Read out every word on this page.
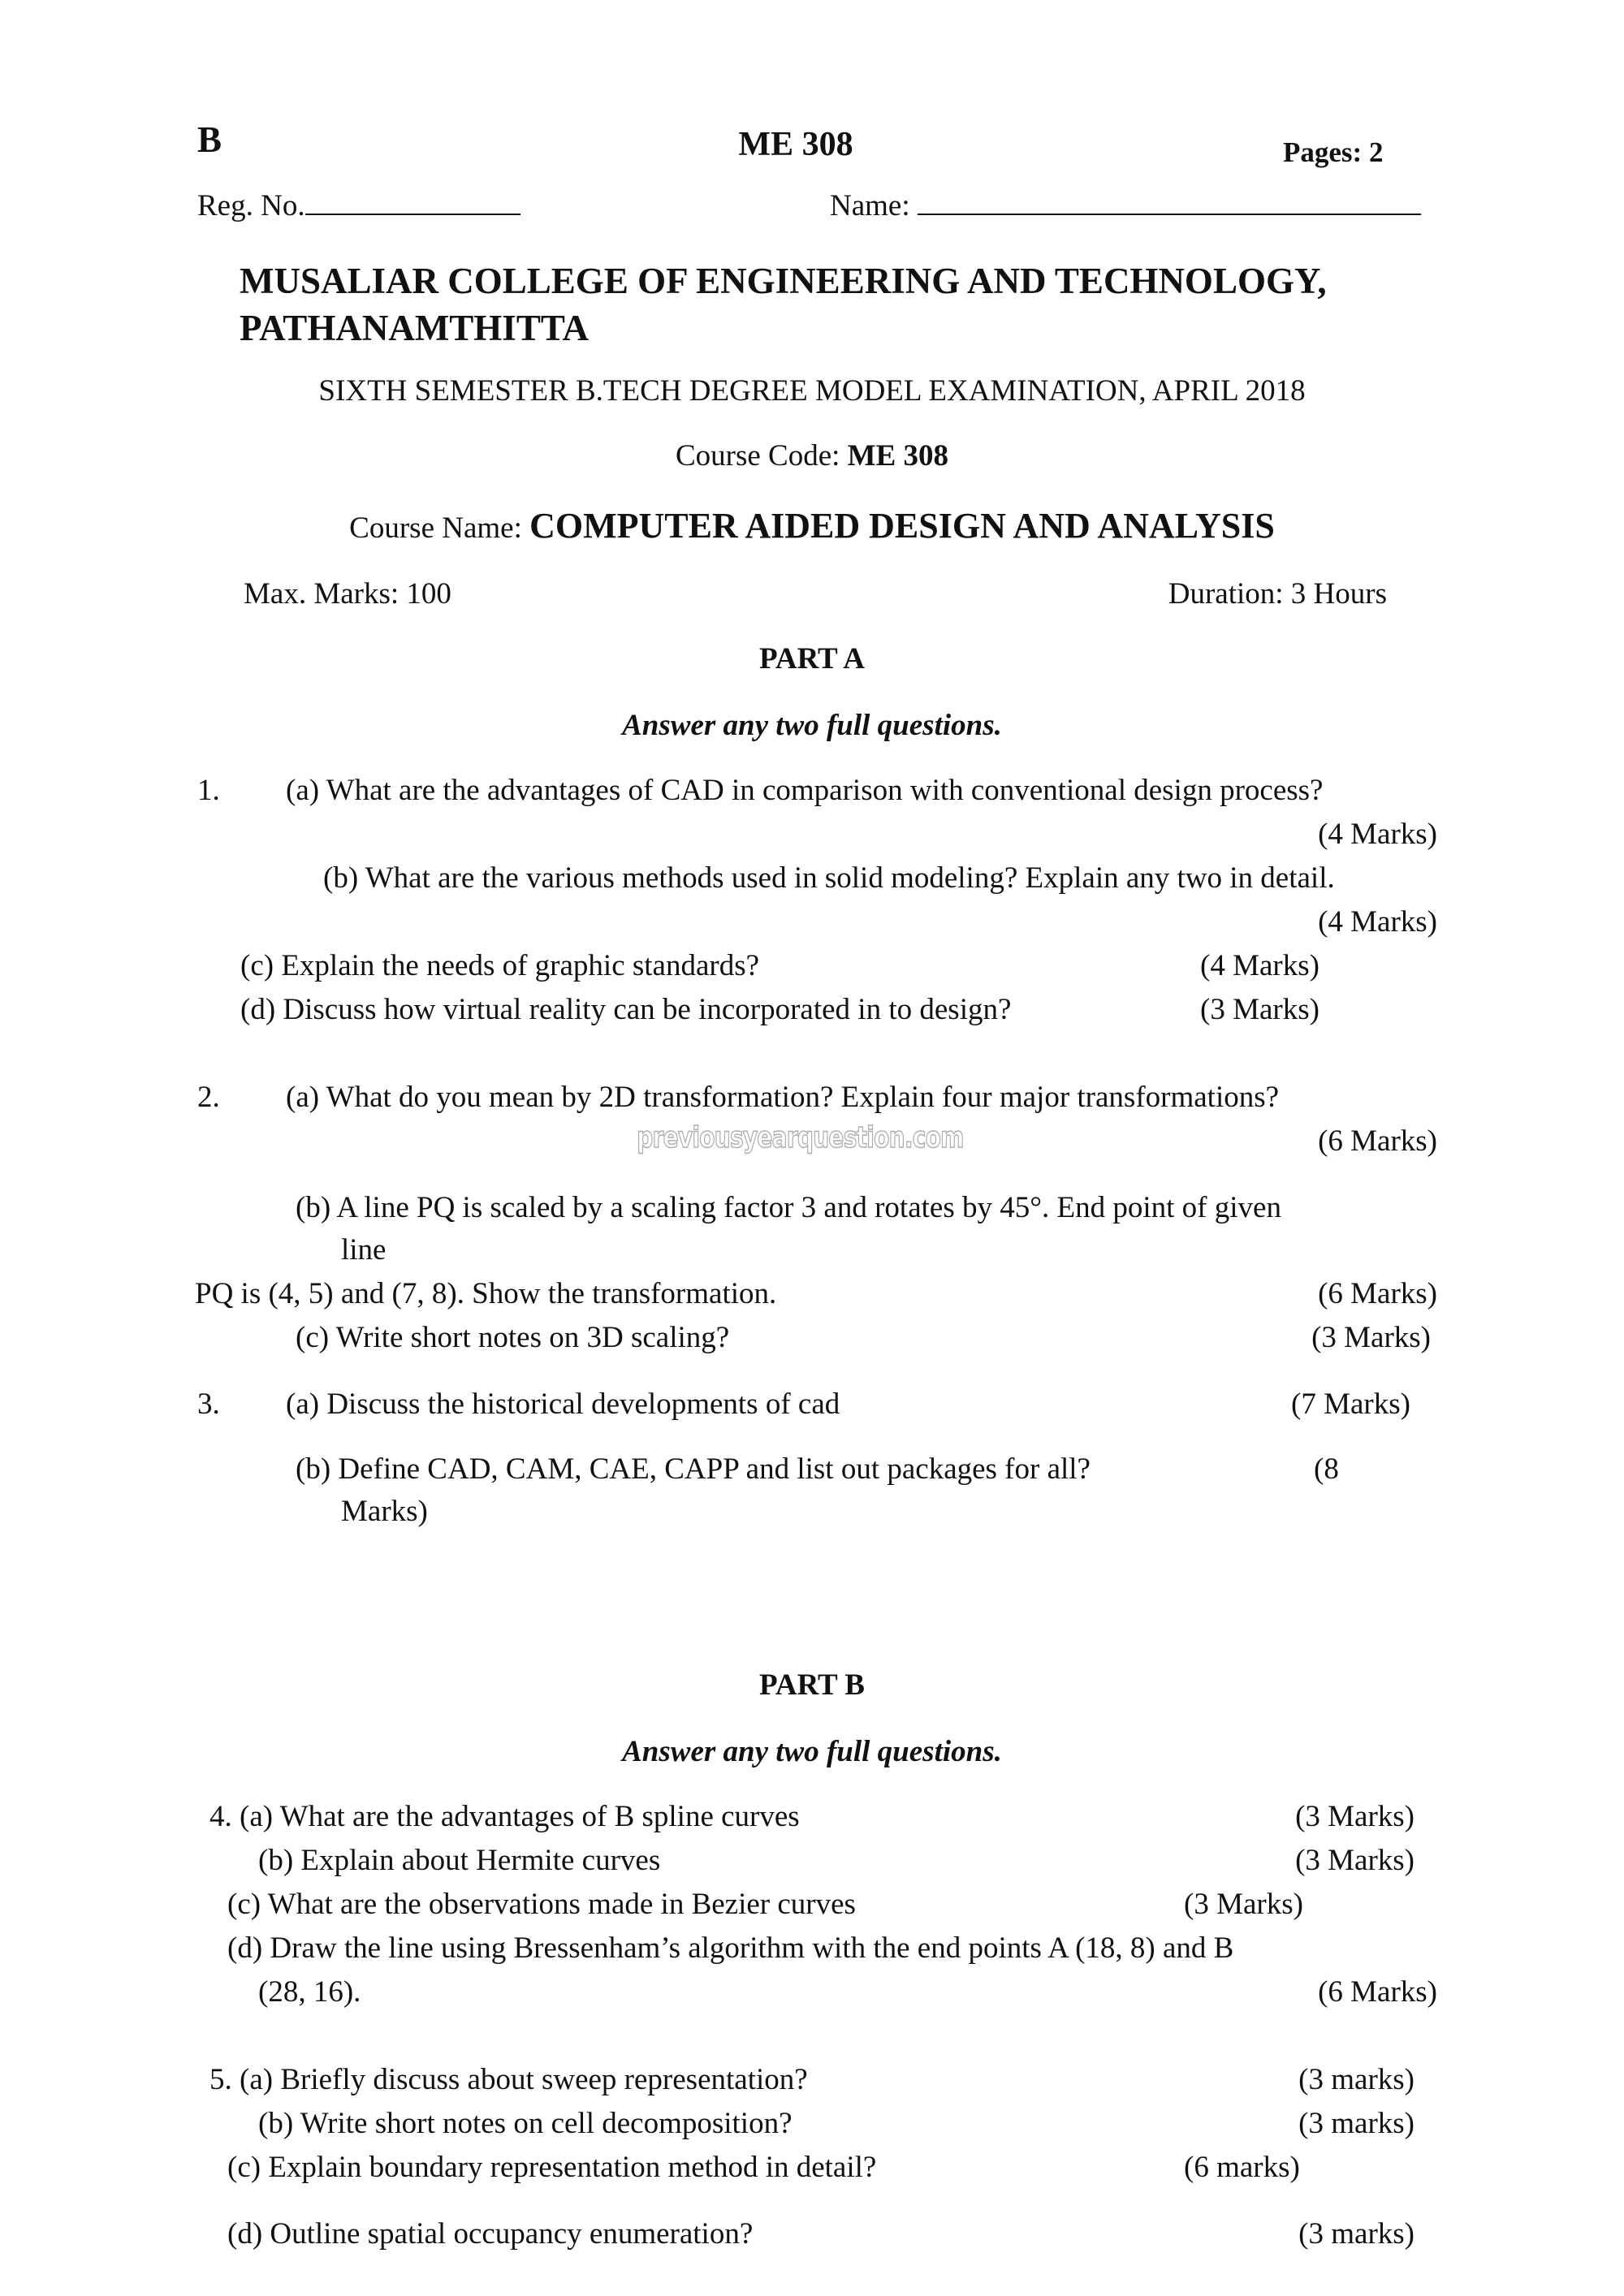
B	ME 308	Pages: 2
Reg. No.	Name:
MUSALIAR COLLEGE OF ENGINEERING AND TECHNOLOGY,
PATHANAMTHITTA
SIXTH SEMESTER B.TECH DEGREE MODEL EXAMINATION, APRIL 2018
Course Code: ME 308
Course Name: COMPUTER AIDED DESIGN AND ANALYSIS
Max. Marks: 100	Duration: 3 Hours
PART A
Answer any two full questions.
1. (a) What are the advantages of CAD in comparison with conventional design process?
(4 Marks)
(b) What are the various methods used in solid modeling? Explain any two in detail.
(4 Marks)
(c) Explain the needs of graphic standards?	(4 Marks)
(d) Discuss how virtual reality can be incorporated in to design?	(3 Marks)
2. (a) What do you mean by 2D transformation? Explain four major transformations?
previousyearquestion.com	(6 Marks)
(b) A line PQ is scaled by a scaling factor 3 and rotates by 45°. End point of given
line
PQ is (4, 5) and (7, 8). Show the transformation.	(6 Marks)
(c) Write short notes on 3D scaling?	(3 Marks)
3. (a) Discuss the historical developments of cad	(7 Marks)
(b) Define CAD, CAM, CAE, CAPP and list out packages for all?	(8
Marks)
PART B
Answer any two full questions.
4. (a) What are the advantages of B spline curves	(3 Marks)
(b) Explain about Hermite curves	(3 Marks)
(c) What are the observations made in Bezier curves	(3 Marks)
(d) Draw the line using Bressenham’s algorithm with the end points A (18, 8) and B
(28, 16).	(6 Marks)
5. (a) Briefly discuss about sweep representation?	(3 marks)
(b) Write short notes on cell decomposition?	(3 marks)
(c) Explain boundary representation method in detail?	(6 marks)
(d) Outline spatial occupancy enumeration?	(3 marks)
